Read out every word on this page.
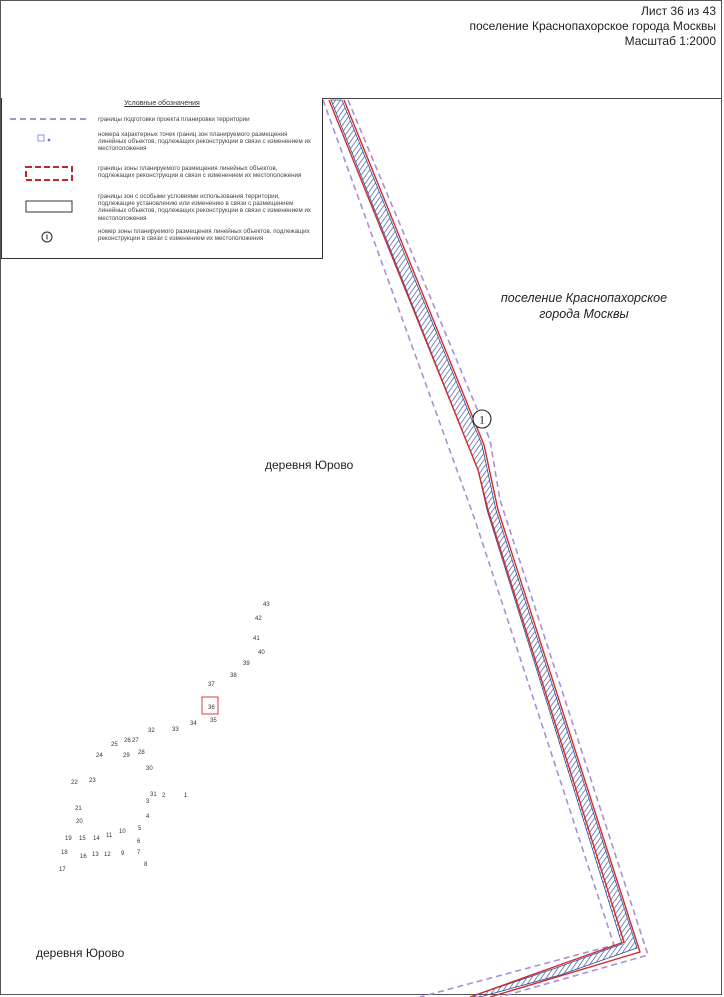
Лист 36 из 43
поселение Краснопахорское города Москвы
Масштаб 1:2000
1
43
42
41
40
39
38
37
36
35
34
33
32
27
26
25
24	28
29
30
31
3
2	1
4
5
6
7
8
9
10
11
12
13
14
15
16
17
18
19
20
21
22 23
Условные обозначения
границы подготовки проекта планировки территории
номера характерных точек границ зон планируемого размещения линейных объектов, подлежащих реконструкции в связи с изменением их местоположения
границы зоны планируемого размещения линейных объектов, подлежащих реконструкции в связи с изменением их местоположения
границы зон с особыми условиями использования территории, подлежащие установлению или изменению в связи с размещением линейных объектов, подлежащих реконструкции в связи с изменением их местоположения
номер зоны планируемого размещения линейных объектов, подлежащих реконструкции в связи с изменением их местоположения
поселение Краснопахорское
города Москвы
деревня Юрово
деревня Юрово
